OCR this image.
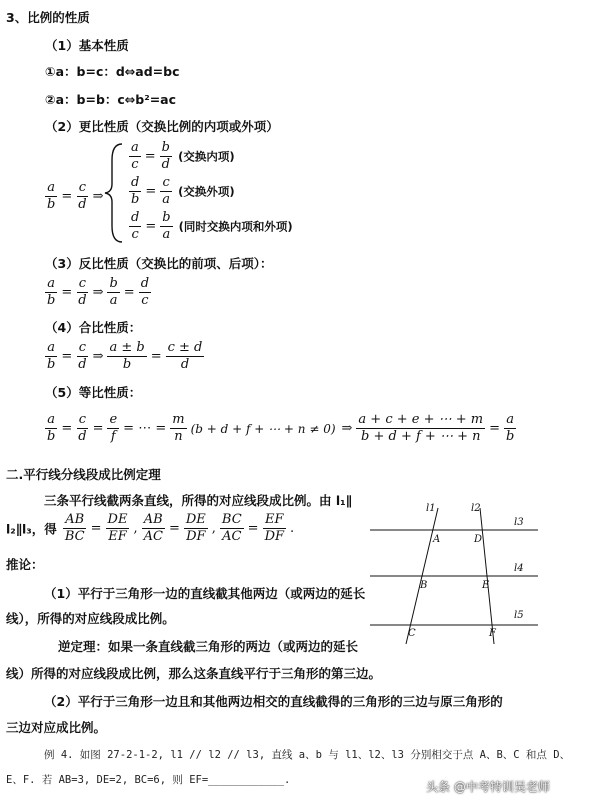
3、比例的性质
（1）基本性质
①a：b=c：d⇔ad=bc
②a：b=b：c⇔b²=ac
（2）更比性质（交换比例的内项或外项）
$\frac{a}{b} = \frac{c}{d}$ ⇒
$\frac{a}{c} = \frac{b}{d}$ (交换内项)
$\frac{d}{b} = \frac{c}{a}$ (交换外项)
$\frac{d}{c} = \frac{b}{a}$ (同时交换内项和外项)
（3）反比性质（交换比的前项、后项）：
$\frac{a}{b} = \frac{c}{d}$ ⇒ $\frac{b}{a} = \frac{d}{c}$
（4）合比性质：
$\frac{a}{b} = \frac{c}{d}$ ⇒ $\frac{a \pm b}{b} = \frac{c \pm d}{d}$
（5）等比性质：
$\frac{a}{b} = \frac{c}{d} = \frac{e}{f}$ = ⋯ = $\frac{m}{n} (b + d + f$ + ⋯ + n ≠ 0) ⇒ $\frac{a + c + e + \cdots + m}{b + d + f + \cdots + n} = \frac{a}{b}$
二.平行线分线段成比例定理
三条平行线截两条直线，所得的对应线段成比例。由 l₁∥
l₂∥l₃，得 $\frac{AB}{BC} = \frac{DE}{EF}$ , $\frac{AB}{AC} = \frac{DE}{DF}$ , $\frac{BC}{AC} = \frac{EF}{DF}$ .
l1	l2
l3
l4
l5
A	D
B	E
C	F
推论：
（1）平行于三角形一边的直线截其他两边（或两边的延长
线），所得的对应线段成比例。
逆定理：如果一条直线截三角形的两边（或两边的延长
线）所得的对应线段成比例，那么这条直线平行于三角形的第三边。
（2）平行于三角形一边且和其他两边相交的直线截得的三角形的三边与原三角形的
三边对应成比例。
例 4. 如图 27-2-1-2, l1 // l2 // l3, 直线 a、b 与 l1、l2、l3 分别相交于点 A、B、C 和点 D、
E、F. 若 AB=3, DE=2, BC=6, 则 EF=____________.	头条 @中考特训吴老师
